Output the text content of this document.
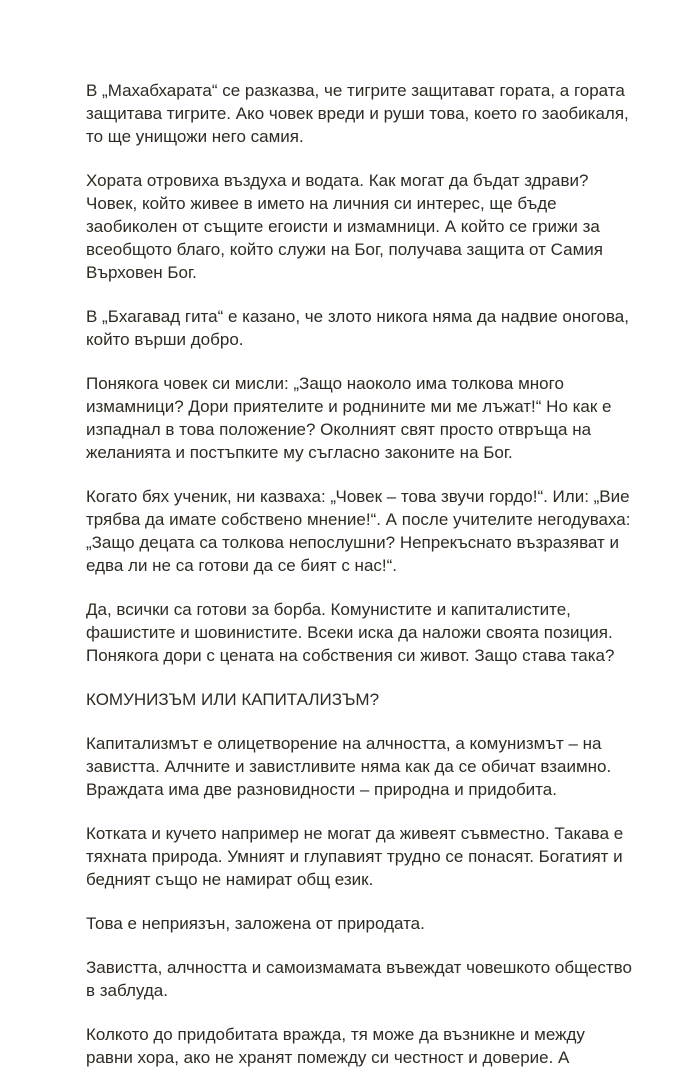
В „Махабхарата“ се разказва, че тигрите защитават гората, а гората
защитава тигрите. Ако човек вреди и руши това, което го заобикаля,
то ще унищожи него самия.
Хората отровиха въздуха и водата. Как могат да бъдат здрави?
Човек, който живее в името на личния си интерес, ще бъде
заобиколен от същите егоисти и измамници. А който се грижи за
всеобщото благо, който служи на Бог, получава защита от Самия
Върховен Бог.
В „Бхагавад гита“ е казано, че злото никога няма да надвие оногова,
който върши добро.
Понякога човек си мисли: „Защо наоколо има толкова много
измамници? Дори приятелите и роднините ми ме лъжат!“ Но как е
изпаднал в това положение? Околният свят просто отвръща на
желанията и постъпките му съгласно законите на Бог.
Когато бях ученик, ни казваха: „Човек – това звучи гордо!“. Или: „Вие
трябва да имате собствено мнение!“. А после учителите негодуваха:
„Защо децата са толкова непослушни? Непрекъснато възразяват и
едва ли не са готови да се бият с нас!“.
Да, всички са готови за борба. Комунистите и капиталистите,
фашистите и шовинистите. Всеки иска да наложи своята позиция.
Понякога дори с цената на собствения си живот. Защо става така?
КОМУНИЗЪМ ИЛИ КАПИТАЛИЗЪМ?
Капитализмът е олицетворение на алчността, а комунизмът – на
завистта. Алчните и завистливите няма как да се обичат взаимно.
Враждата има две разновидности – природна и придобита.
Котката и кучето например не могат да живеят съвместно. Такава е
тяхната природа. Умният и глупавият трудно се понасят. Богатият и
бедният също не намират общ език.
Това е неприязън, заложена от природата.
Завистта, алчността и самоизмамата въвеждат човешкото общество
в заблуда.
Колкото до придобитата вражда, тя може да възникне и между
равни хора, ако не хранят помежду си честност и доверие. А
